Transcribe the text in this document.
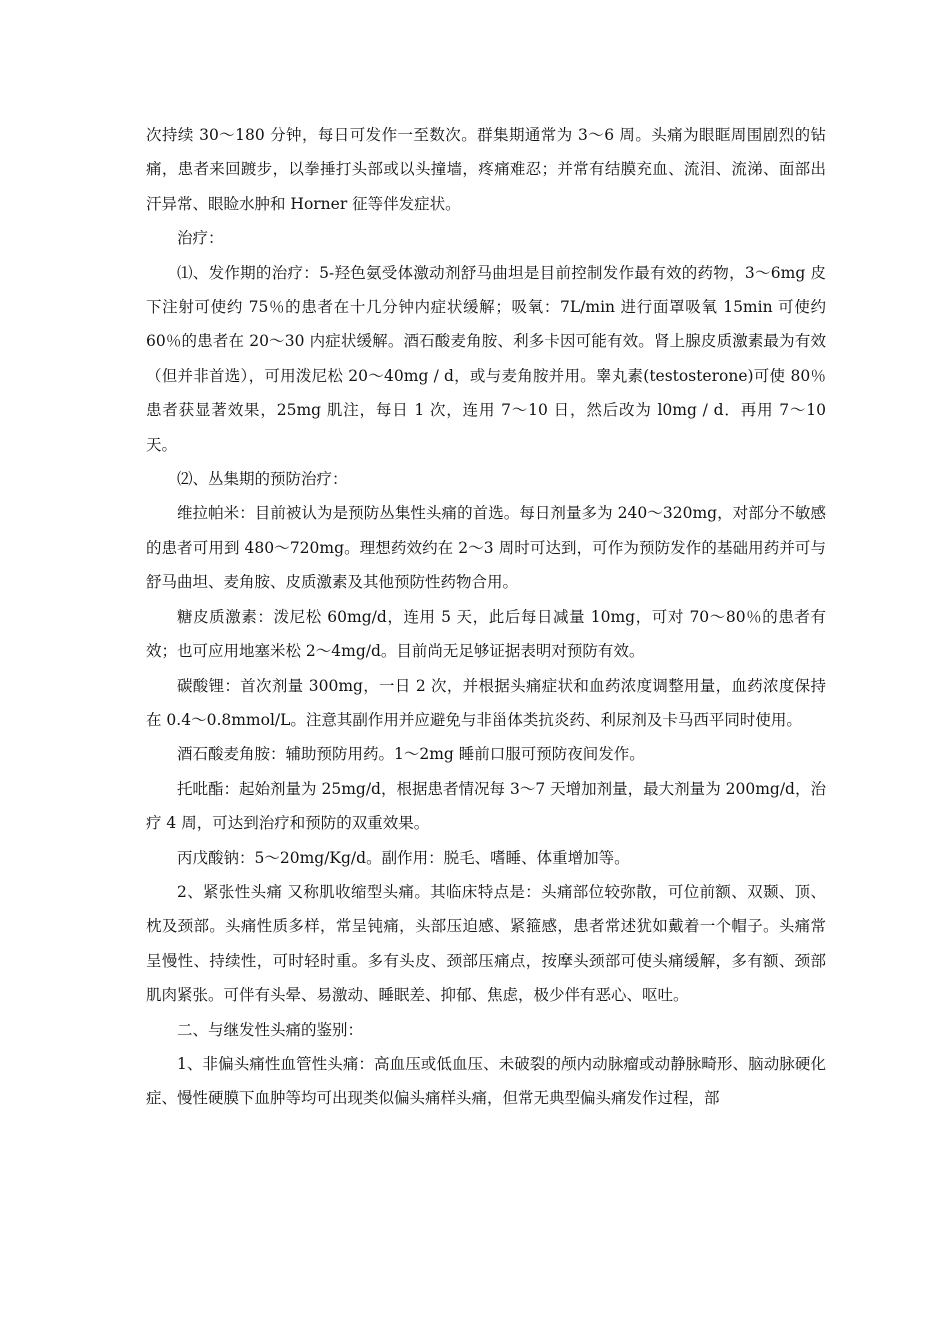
次持续 30～180 分钟，每日可发作一至数次。群集期通常为 3～6 周。头痛为眼眶周围剧烈的钻痛，患者来回踱步，以拳捶打头部或以头撞墙，疼痛难忍；并常有结膜充血、流泪、流涕、面部出汗异常、眼睑水肿和 Horner 征等伴发症状。

治疗：

⑴、发作期的治疗：5-羟色氨受体激动剂舒马曲坦是目前控制发作最有效的药物，3～6mg 皮下注射可使约 75％的患者在十几分钟内症状缓解；吸氧：7L/min 进行面罩吸氧 15min 可使约 60％的患者在 20～30 内症状缓解。酒石酸麦角胺、利多卡因可能有效。肾上腺皮质激素最为有效（但并非首选），可用泼尼松 20～40mg / d，或与麦角胺并用。睾丸素(testosterone)可使 80％患者获显著效果，25mg 肌注，每日 1 次，连用 7～10 日，然后改为 l0mg / d．再用 7～10 天。

⑵、丛集期的预防治疗：

维拉帕米：目前被认为是预防丛集性头痛的首选。每日剂量多为 240～320mg，对部分不敏感的患者可用到 480～720mg。理想药效约在 2～3 周时可达到，可作为预防发作的基础用药并可与舒马曲坦、麦角胺、皮质激素及其他预防性药物合用。

糖皮质激素：泼尼松 60mg/d，连用 5 天，此后每日减量 10mg，可对 70～80％的患者有效；也可应用地塞米松 2～4mg/d。目前尚无足够证据表明对预防有效。

碳酸锂：首次剂量 300mg，一日 2 次，并根据头痛症状和血药浓度调整用量，血药浓度保持在 0.4～0.8mmol/L。注意其副作用并应避免与非甾体类抗炎药、利尿剂及卡马西平同时使用。

酒石酸麦角胺：辅助预防用药。1～2mg 睡前口服可预防夜间发作。

托吡酯：起始剂量为 25mg/d，根据患者情况每 3～7 天增加剂量，最大剂量为 200mg/d，治疗 4 周，可达到治疗和预防的双重效果。

丙戊酸钠：5～20mg/Kg/d。副作用：脱毛、嗜睡、体重增加等。

2、紧张性头痛 又称肌收缩型头痛。其临床特点是：头痛部位较弥散，可位前额、双颞、顶、枕及颈部。头痛性质多样，常呈钝痛，头部压迫感、紧箍感，患者常述犹如戴着一个帽子。头痛常呈慢性、持续性，可时轻时重。多有头皮、颈部压痛点，按摩头颈部可使头痛缓解，多有额、颈部肌肉紧张。可伴有头晕、易激动、睡眠差、抑郁、焦虑，极少伴有恶心、呕吐。

二、与继发性头痛的鉴别：

1、非偏头痛性血管性头痛：高血压或低血压、未破裂的颅内动脉瘤或动静脉畸形、脑动脉硬化症、慢性硬膜下血肿等均可出现类似偏头痛样头痛，但常无典型偏头痛发作过程，部
